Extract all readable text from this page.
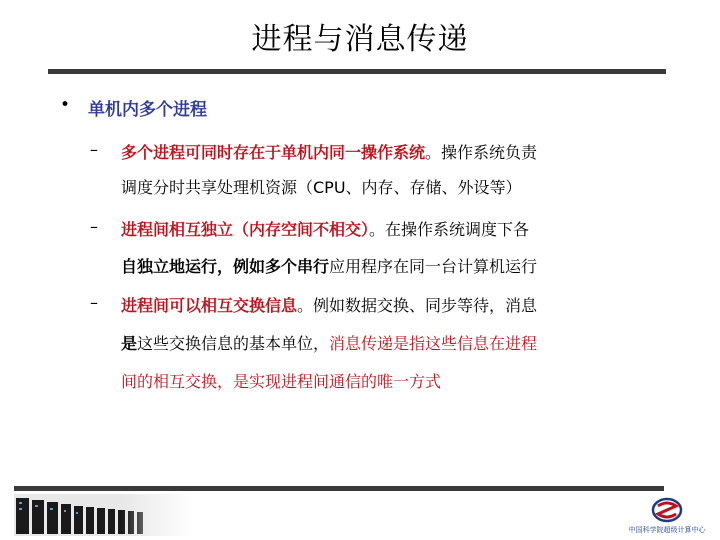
进程与消息传递
• 单机内多个进程
– 多个进程可同时存在于单机内同一操作系统。操作系统负责
调度分时共享处理机资源（CPU、内存、存储、外设等）
– 进程间相互独立（内存空间不相交）。在操作系统调度下各
自独立地运行，例如多个串行应用程序在同一台计算机运行
– 进程间可以相互交换信息。例如数据交换、同步等待，消息
是这些交换信息的基本单位，消息传递是指这些信息在进程
间的相互交换，是实现进程间通信的唯一方式
中国科学院超级计算中心
